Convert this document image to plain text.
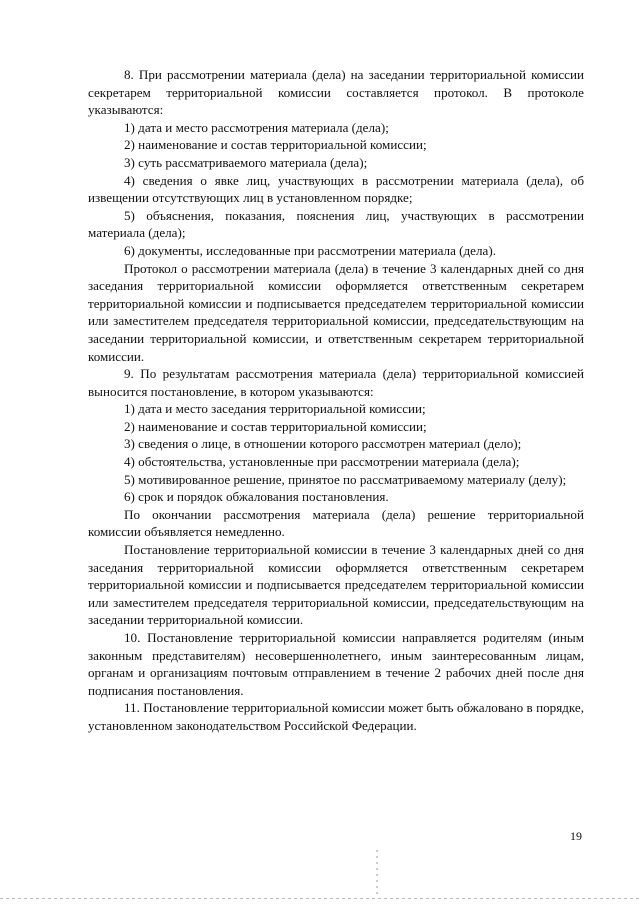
8. При рассмотрении материала (дела) на заседании территориальной комиссии секретарем территориальной комиссии составляется протокол. В протоколе указываются:

1) дата и место рассмотрения материала (дела);

2) наименование и состав территориальной комиссии;

3) суть рассматриваемого материала (дела);

4) сведения о явке лиц, участвующих в рассмотрении материала (дела), об извещении отсутствующих лиц в установленном порядке;

5) объяснения, показания, пояснения лиц, участвующих в рассмотрении материала (дела);

6) документы, исследованные при рассмотрении материала (дела).

Протокол о рассмотрении материала (дела) в течение 3 календарных дней со дня заседания территориальной комиссии оформляется ответственным секретарем территориальной комиссии и подписывается председателем территориальной комиссии или заместителем председателя территориальной комиссии, председательствующим на заседании территориальной комиссии, и ответственным секретарем территориальной комиссии.

9. По результатам рассмотрения материала (дела) территориальной комиссией выносится постановление, в котором указываются:

1) дата и место заседания территориальной комиссии;

2) наименование и состав территориальной комиссии;

3) сведения о лице, в отношении которого рассмотрен материал (дело);

4) обстоятельства, установленные при рассмотрении материала (дела);

5) мотивированное решение, принятое по рассматриваемому материалу (делу);

6) срок и порядок обжалования постановления.

По окончании рассмотрения материала (дела) решение территориальной комиссии объявляется немедленно.

Постановление территориальной комиссии в течение 3 календарных дней со дня заседания территориальной комиссии оформляется ответственным секретарем территориальной комиссии и подписывается председателем территориальной комиссии или заместителем председателя территориальной комиссии, председательствующим на заседании территориальной комиссии.

10. Постановление территориальной комиссии направляется родителям (иным законным представителям) несовершеннолетнего, иным заинтересованным лицам, органам и организациям почтовым отправлением в течение 2 рабочих дней после дня подписания постановления.

11. Постановление территориальной комиссии может быть обжаловано в порядке, установленном законодательством Российской Федерации.

19
